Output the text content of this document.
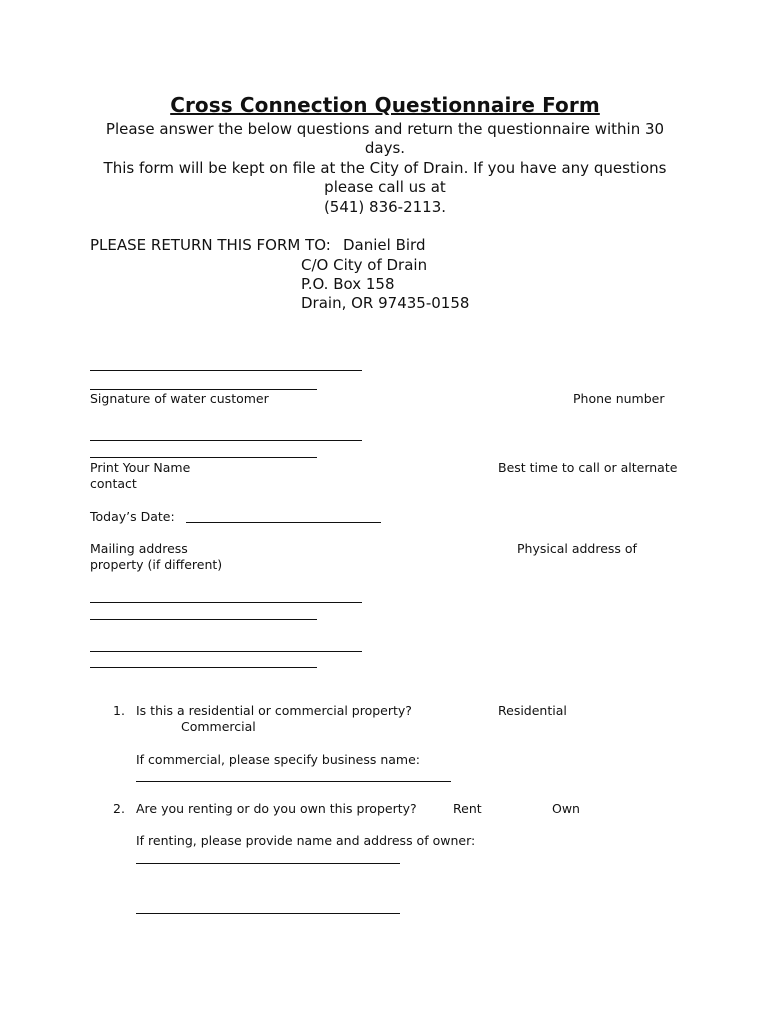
Cross Connection Questionnaire Form
Please answer the below questions and return the questionnaire within 30
days.
This form will be kept on file at the City of Drain. If you have any questions
please call us at
(541) 836-2113.
PLEASE RETURN THIS FORM TO: Daniel Bird
C/O City of Drain
P.O. Box 158
Drain, OR 97435-0158
Signature of water customer	Phone number
Print Your Name	Best time to call or alternate
contact
Today’s Date:
Mailing address	Physical address of
property (if different)
1. Is this a residential or commercial property?	Residential
Commercial
If commercial, please specify business name:
2. Are you renting or do you own this property?	Rent	Own
If renting, please provide name and address of owner:
